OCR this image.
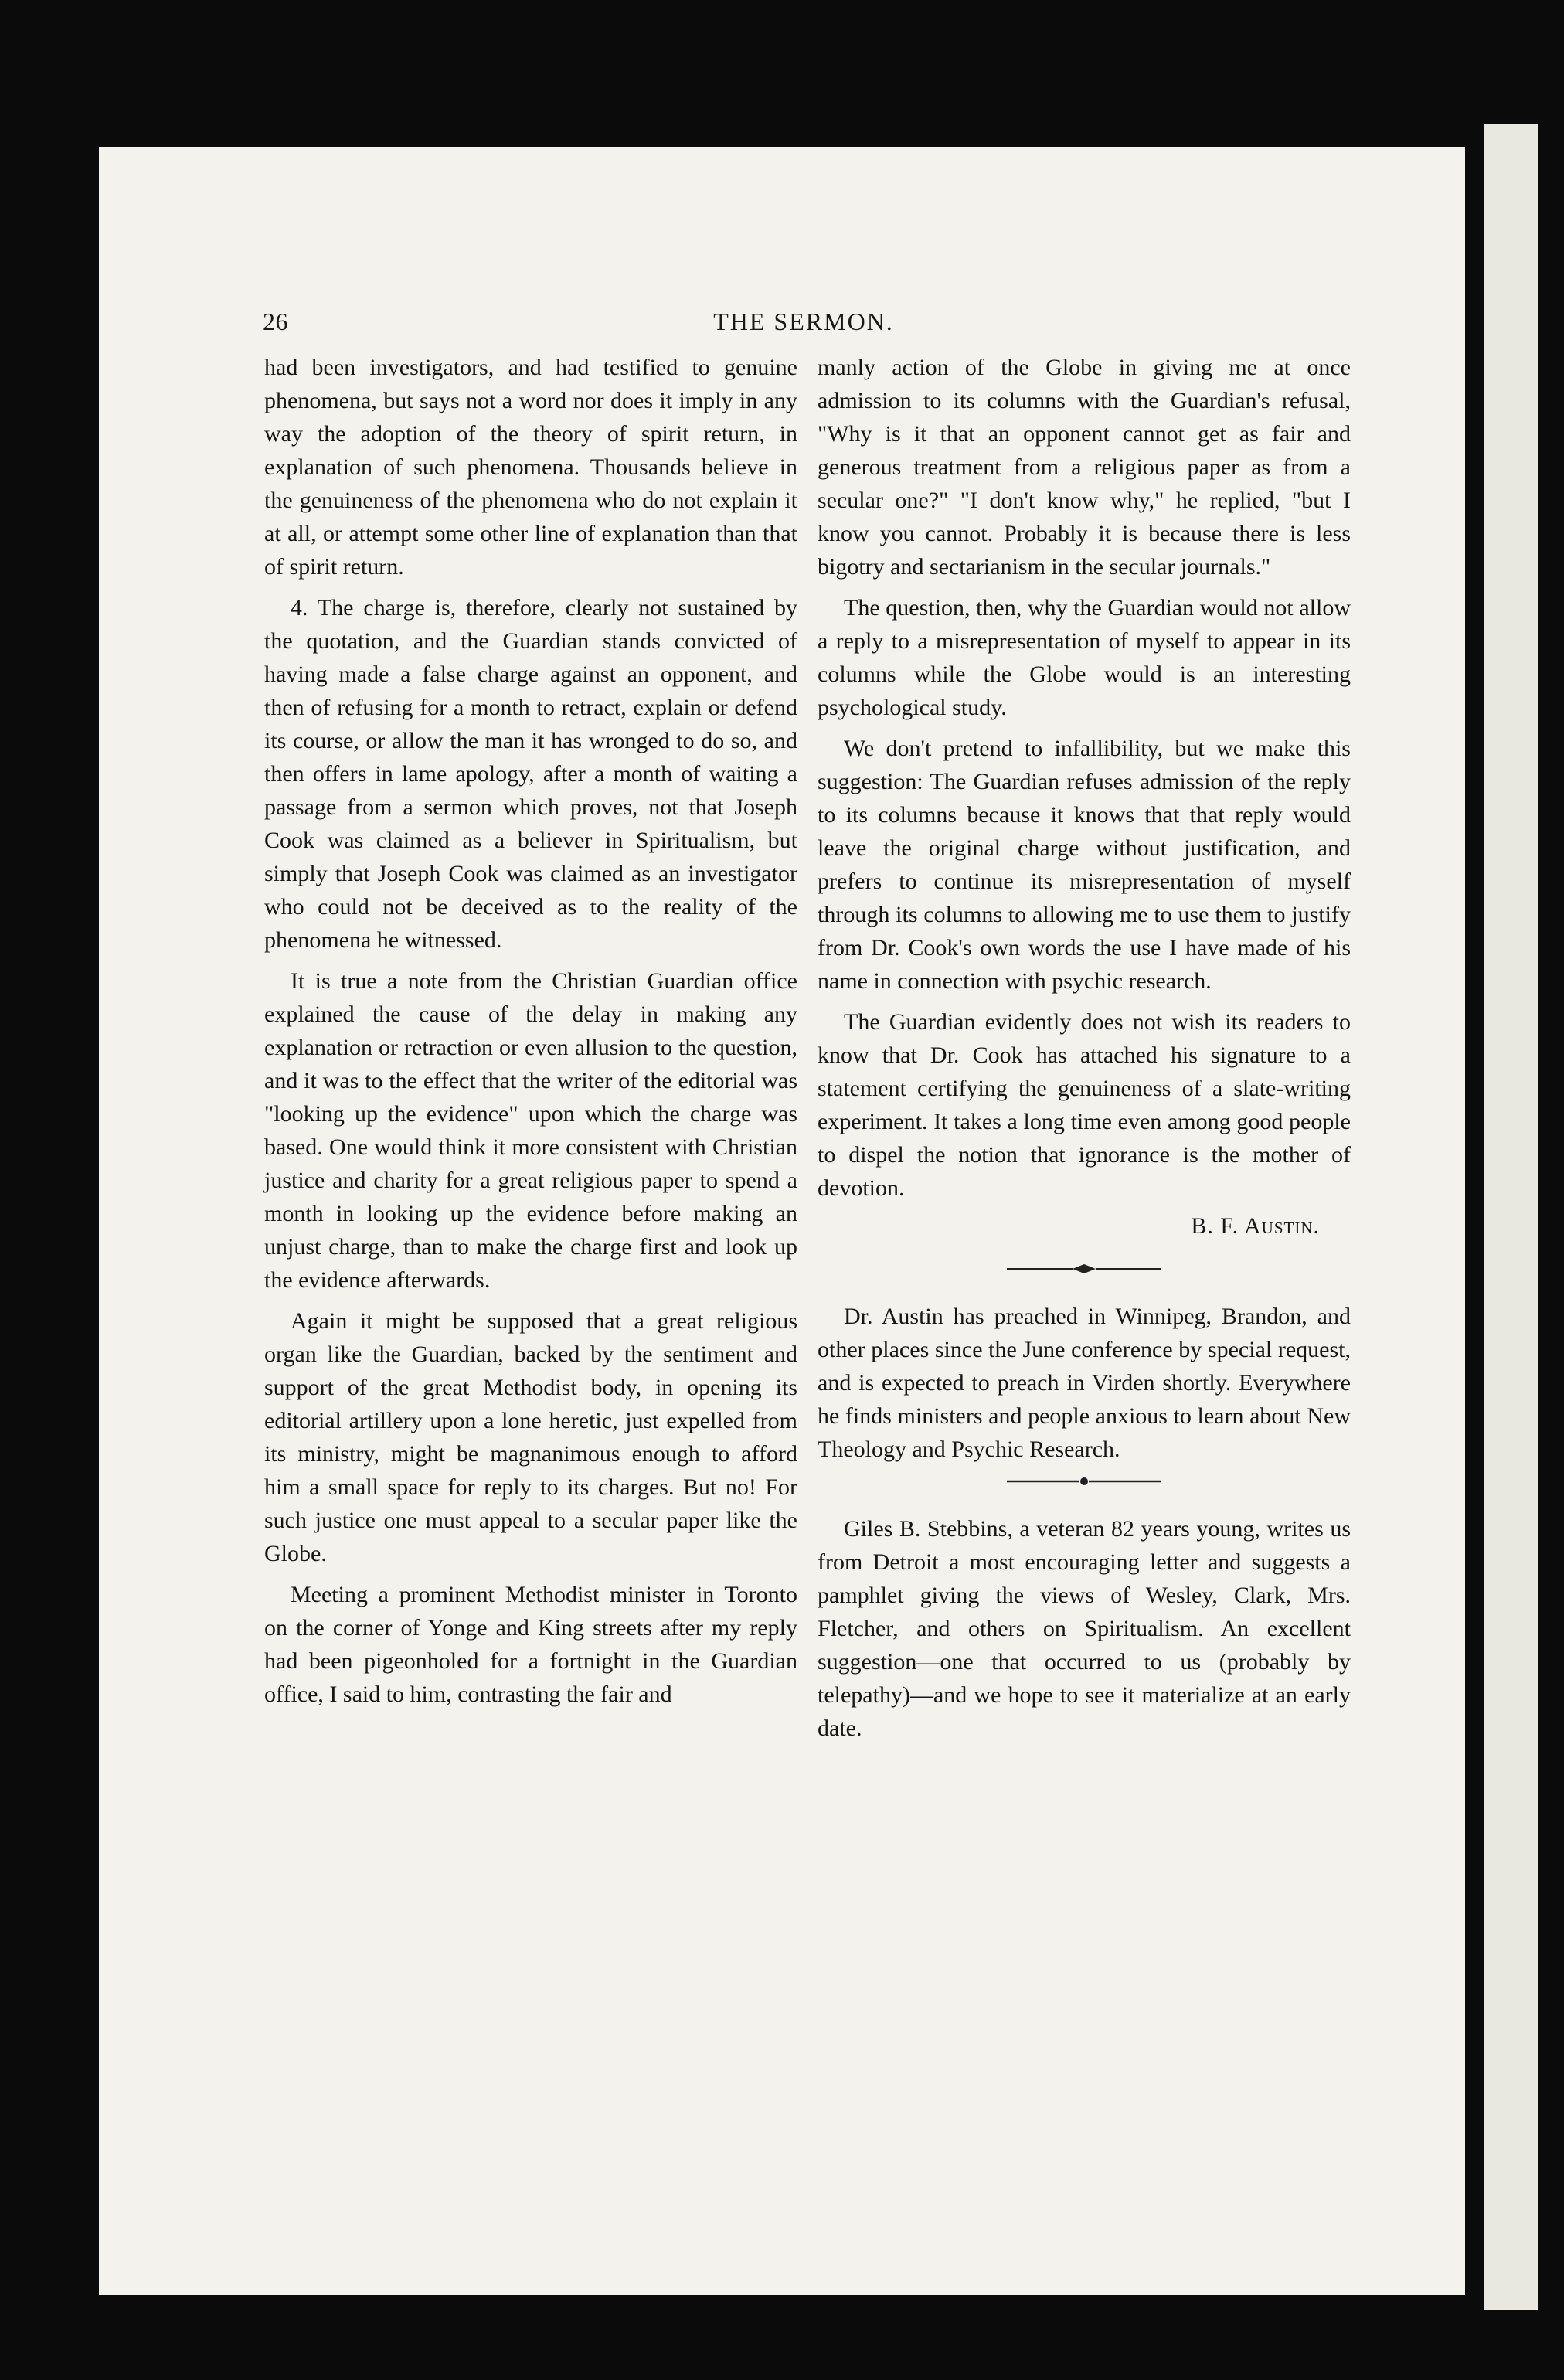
26	THE SERMON.

had been investigators, and had testified to genuine phenomena, but says not a word nor does it imply in any way the adoption of the theory of spirit return, in explanation of such phenomena. Thousands believe in the genuineness of the phenomena who do not explain it at all, or attempt some other line of explanation than that of spirit return.

4. The charge is, therefore, clearly not sustained by the quotation, and the Guardian stands convicted of having made a false charge against an opponent, and then of refusing for a month to retract, explain or defend its course, or allow the man it has wronged to do so, and then offers in lame apology, after a month of waiting a passage from a sermon which proves, not that Joseph Cook was claimed as a believer in Spiritualism, but simply that Joseph Cook was claimed as an investigator who could not be deceived as to the reality of the phenomena he witnessed.

It is true a note from the Christian Guardian office explained the cause of the delay in making any explanation or retraction or even allusion to the question, and it was to the effect that the writer of the editorial was "looking up the evidence" upon which the charge was based. One would think it more consistent with Christian justice and charity for a great religious paper to spend a month in looking up the evidence before making an unjust charge, than to make the charge first and look up the evidence afterwards.

Again it might be supposed that a great religious organ like the Guardian, backed by the sentiment and support of the great Methodist body, in opening its editorial artillery upon a lone heretic, just expelled from its ministry, might be magnanimous enough to afford him a small space for reply to its charges. But no! For such justice one must appeal to a secular paper like the Globe.

Meeting a prominent Methodist minister in Toronto on the corner of Yonge and King streets after my reply had been pigeonholed for a fortnight in the Guardian office, I said to him, contrasting the fair and

manly action of the Globe in giving me at once admission to its columns with the Guardian's refusal, "Why is it that an opponent cannot get as fair and generous treatment from a religious paper as from a secular one?" "I don't know why," he replied, "but I know you cannot. Probably it is because there is less bigotry and sectarianism in the secular journals."

The question, then, why the Guardian would not allow a reply to a misrepresentation of myself to appear in its columns while the Globe would is an interesting psychological study.

We don't pretend to infallibility, but we make this suggestion: The Guardian refuses admission of the reply to its columns because it knows that that reply would leave the original charge without justification, and prefers to continue its misrepresentation of myself through its columns to allowing me to use them to justify from Dr. Cook's own words the use I have made of his name in connection with psychic research.

The Guardian evidently does not wish its readers to know that Dr. Cook has attached his signature to a statement certifying the genuineness of a slate-writing experiment. It takes a long time even among good people to dispel the notion that ignorance is the mother of devotion.

B. F. Austin.

Dr. Austin has preached in Winnipeg, Brandon, and other places since the June conference by special request, and is expected to preach in Virden shortly. Everywhere he finds ministers and people anxious to learn about New Theology and Psychic Research.

Giles B. Stebbins, a veteran 82 years young, writes us from Detroit a most encouraging letter and suggests a pamphlet giving the views of Wesley, Clark, Mrs. Fletcher, and others on Spiritualism. An excellent suggestion—one that occurred to us (probably by telepathy)—and we hope to see it materialize at an early date.
